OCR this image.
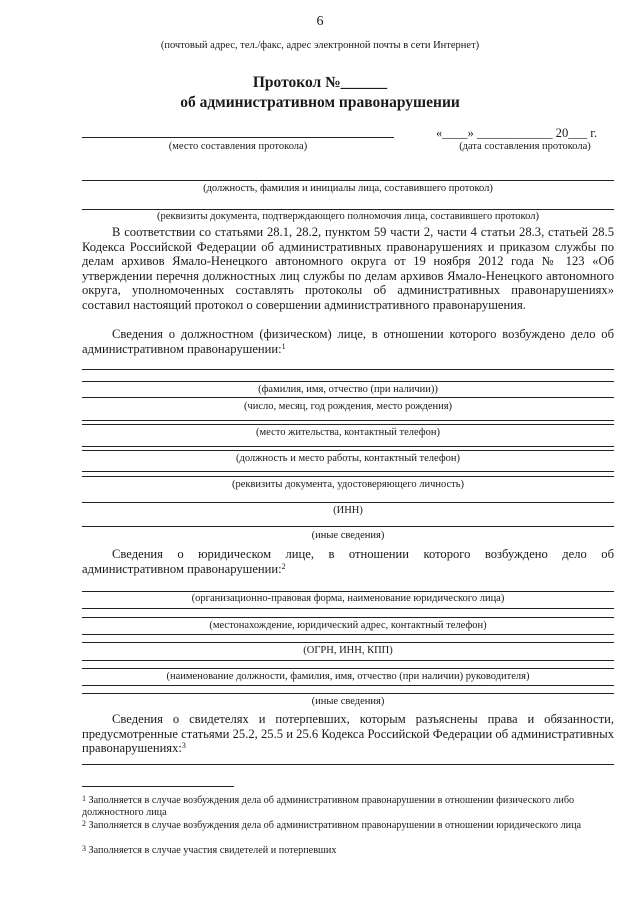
6
(почтовый адрес, тел./факс, адрес электронной почты в сети Интернет)
Протокол №______
об административном правонарушении
(место составления протокола)
«____» ____________ 20___ г.
(дата составления протокола)
(должность, фамилия и инициалы лица, составившего протокол)
(реквизиты документа, подтверждающего полномочия лица, составившего протокол)
В соответствии со статьями 28.1, 28.2, пунктом 59 части 2, части 4 статьи 28.3, статьей 28.5 Кодекса Российской Федерации об административных правонарушениях и приказом службы по делам архивов Ямало-Ненецкого автономного округа от 19 ноября 2012 года № 123 «Об утверждении перечня должностных лиц службы по делам архивов Ямало-Ненецкого автономного округа, уполномоченных составлять протоколы об административных правонарушениях» составил настоящий протокол о совершении административного правонарушения.
Сведения о должностном (физическом) лице, в отношении которого возбуждено дело об административном правонарушении:$^1$
(фамилия, имя, отчество (при наличии))
(число, месяц, год рождения, место рождения)
(место жительства, контактный телефон)
(должность и место работы, контактный телефон)
(реквизиты документа, удостоверяющего личность)
(ИНН)
(иные сведения)
Сведения о юридическом лице, в отношении которого возбуждено дело об административном правонарушении:$^2$
(организационно-правовая форма, наименование юридического лица)
(местонахождение, юридический адрес, контактный телефон)
(ОГРН, ИНН, КПП)
(наименование должности, фамилия, имя, отчество (при наличии) руководителя)
(иные сведения)
Сведения о свидетелях и потерпевших, которым разъяснены права и обязанности, предусмотренные статьями 25.2, 25.5 и 25.6 Кодекса Российской Федерации об административных правонарушениях:$^3$
$^1$ Заполняется в случае возбуждения дела об административном правонарушении в отношении физического либо должностного лица
$^2$ Заполняется в случае возбуждения дела об административном правонарушении в отношении юридического лица
$^3$ Заполняется в случае участия свидетелей и потерпевших
